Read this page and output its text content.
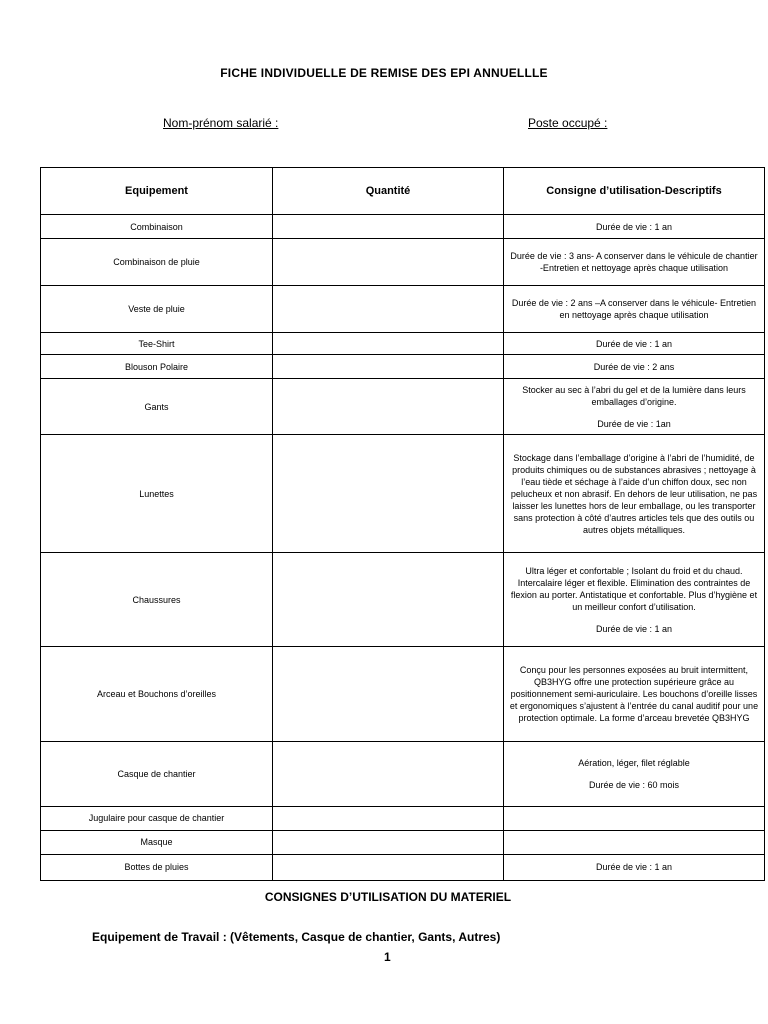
FICHE INDIVIDUELLE DE REMISE DES EPI ANNUELLLE
Nom-prénom salarié :	Poste occupé :
Equipement	Quantité	Consigne d’utilisation-Descriptifs
Combinaison		Durée de vie : 1 an
Combinaison de pluie		Durée de vie : 3 ans- A conserver dans le véhicule de chantier -Entretien et nettoyage après chaque utilisation
Veste de pluie		Durée de vie : 2 ans –A conserver dans le véhicule- Entretien en nettoyage après chaque utilisation
Tee-Shirt		Durée de vie : 1 an
Blouson Polaire		Durée de vie : 2 ans
Gants		Stocker au sec à l’abri du gel et de la lumière dans leurs emballages d’origine.
Durée de vie : 1an
Lunettes		Stockage dans l’emballage d’origine à l’abri de l’humidité, de produits chimiques ou de substances abrasives ; nettoyage à l’eau tiède et séchage à l’aide d’un chiffon doux, sec non pelucheux et non abrasif. En dehors de leur utilisation, ne pas laisser les lunettes hors de leur emballage, ou les transporter sans protection à côté d’autres articles tels que des outils ou autres objets métalliques.
Chaussures		Ultra léger et confortable ; Isolant du froid et du chaud. Intercalaire léger et flexible. Elimination des contraintes de flexion au porter. Antistatique et confortable. Plus d’hygiène et un meilleur confort d’utilisation.
Durée de vie : 1 an
Arceau et Bouchons d’oreilles		Conçu pour les personnes exposées au bruit intermittent, QB3HYG offre une protection supérieure grâce au positionnement semi-auriculaire. Les bouchons d’oreille lisses et ergonomiques s’ajustent à l’entrée du canal auditif pour une protection optimale. La forme d’arceau brevetée QB3HYG
Casque de chantier		Aération, léger, filet réglable
Durée de vie : 60 mois
Jugulaire pour casque de chantier		
Masque		
Bottes de pluies		Durée de vie : 1 an
CONSIGNES D’UTILISATION DU MATERIEL
Equipement de Travail : (Vêtements, Casque de chantier, Gants, Autres)
1
